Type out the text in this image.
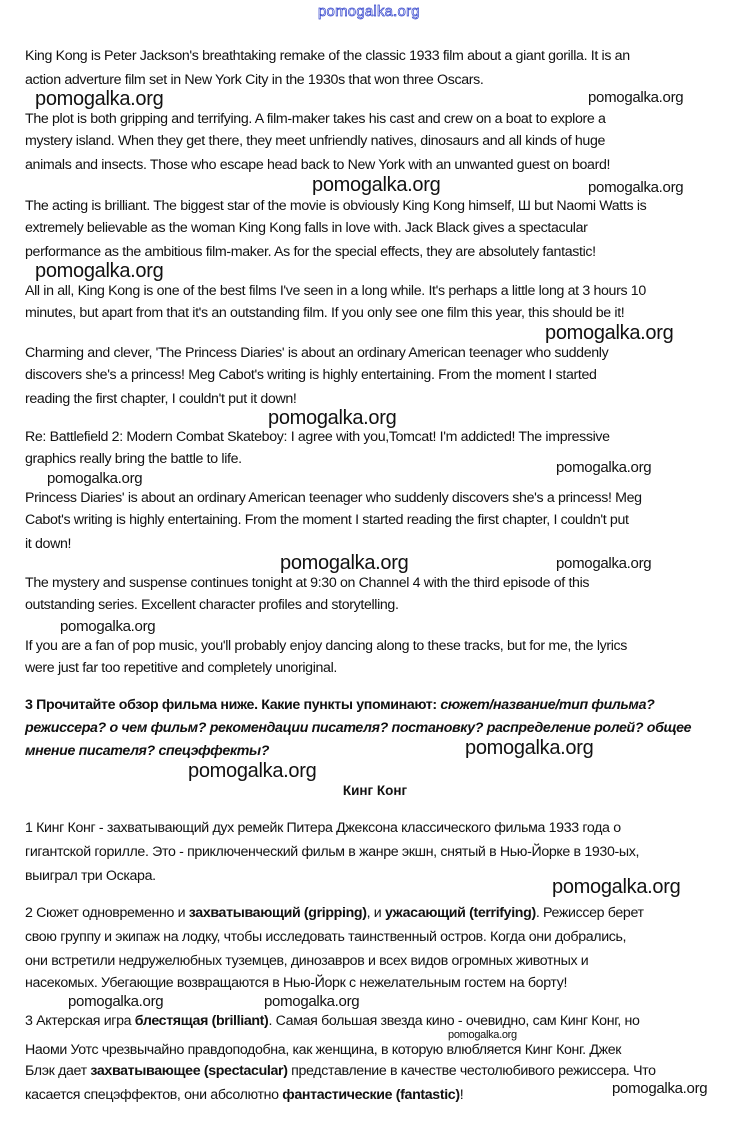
pomogalka.org
Кинг Конг
King Kong is Peter Jackson's breathtaking remake of the classic 1933 film about a giant gorilla. It is an
action adverture film set in New York City in the 1930s that won three Oscars.
The plot is both gripping and terrifying. A film-maker takes his cast and crew on a boat to explore a
mystery island. When they get there, they meet unfriendly natives, dinosaurs and all kinds of huge
animals and insects. Those who escape head back to New York with an unwanted guest on board!
The acting is brilliant. The biggest star of the movie is obviously King Kong himself, Ш but Naomi Watts is
extremely believable as the woman King Kong falls in love with. Jack Black gives a spectacular
performance as the ambitious film-maker. As for the special effects, they are absolutely fantastic!
All in all, King Kong is one of the best films I've seen in a long while. It's perhaps a little long at 3 hours 10
minutes, but apart from that it's an outstanding film. If you only see one film this year, this should be it!
Charming and clever, 'The Princess Diaries' is about an ordinary American teenager who suddenly
discovers she's a princess! Meg Cabot's writing is highly entertaining. From the moment I started
reading the first chapter, I couldn't put it down!
Re: Battlefield 2: Modern Combat Skateboy: I agree with you,Tomcat! I'm addicted! The impressive
graphics really bring the battle to life.
Princess Diaries' is about an ordinary American teenager who suddenly discovers she's a princess! Meg
Cabot's writing is highly entertaining. From the moment I started reading the first chapter, I couldn't put
it down!
The mystery and suspense continues tonight at 9:30 on Channel 4 with the third episode of this
outstanding series. Excellent character profiles and storytelling.
If you are a fan of pop music, you'll probably enjoy dancing along to these tracks, but for me, the lyrics
were just far too repetitive and completely unoriginal.
3 Прочитайте обзор фильма ниже. Какие пункты упоминают: сюжет/название/тип фильма?
режиссера? о чем фильм? рекомендации писателя? постановку? распределение ролей? общее
мнение писателя? спецэффекты?
1 Кинг Конг - захватывающий дух ремейк Питера Джексона классического фильма 1933 года о
гигантской горилле. Это - приключенческий фильм в жанре экшн, снятый в Нью-Йорке в 1930-ых,
выиграл три Оскара.
2 Сюжет одновременно и захватывающий (gripping), и ужасающий (terrifying). Режиссер берет
свою группу и экипаж на лодку, чтобы исследовать таинственный остров. Когда они добрались,
они встретили недружелюбных туземцев, динозавров и всех видов огромных животных и
насекомых. Убегающие возвращаются в Нью-Йорк с нежелательным гостем на борту!
3 Актерская игра блестящая (brilliant). Самая большая звезда кино - очевидно, сам Кинг Конг, но
Наоми Уотс чрезвычайно правдоподобна, как женщина, в которую влюбляется Кинг Конг. Джек
Блэк дает захватывающее (spectacular) представление в качестве честолюбивого режиссера. Что
касается спецэффектов, они абсолютно фантастические (fantastic)!
pomogalka.org	pomogalka.org
pomogalka.org	pomogalka.org
pomogalka.org
pomogalka.org
pomogalka.org
pomogalka.org
pomogalka.org
pomogalka.org	pomogalka.org
pomogalka.org
pomogalka.org
pomogalka.org
pomogalka.org
pomogalka.org	pomogalka.org
pomogalka.org
pomogalka.org
